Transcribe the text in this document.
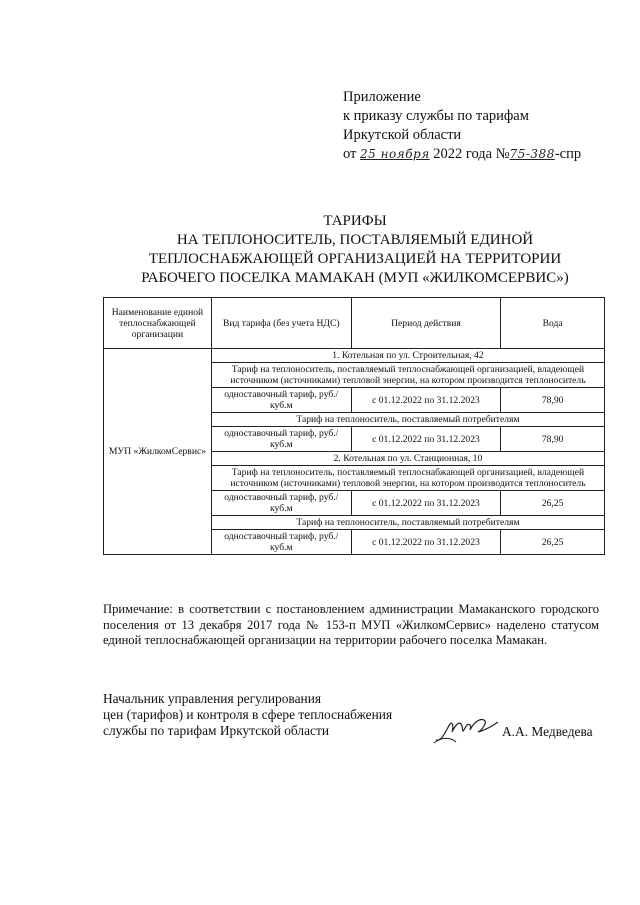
Приложение
к приказу службы по тарифам
Иркутской области
от 25 ноября 2022 года №75-388-спр
ТАРИФЫ
НА ТЕПЛОНОСИТЕЛЬ, ПОСТАВЛЯЕМЫЙ ЕДИНОЙ
ТЕПЛОСНАБЖАЮЩЕЙ ОРГАНИЗАЦИЕЙ НА ТЕРРИТОРИИ
РАБОЧЕГО ПОСЕЛКА МАМАКАН (МУП «ЖИЛКОМСЕРВИС»)
Наименование единой теплоснабжающей организации	Вид тарифа (без учета НДС)	Период действия	Вода
МУП «ЖилкомСервис»	1. Котельная по ул. Строительная, 42		
	Тариф на теплоноситель, поставляемый теплоснабжающей организацией, владеющей источником (источниками) тепловой энергии, на котором производится теплоноситель		
	одноставочный тариф, руб./куб.м	с 01.12.2022 по 31.12.2023	78,90
	Тариф на теплоноситель, поставляемый потребителям		
	одноставочный тариф, руб./куб.м	с 01.12.2022 по 31.12.2023	78,90
	2. Котельная по ул. Станционная, 10		
	Тариф на теплоноситель, поставляемый теплоснабжающей организацией, владеющей источником (источниками) тепловой энергии, на котором производится теплоноситель		
	одноставочный тариф, руб./куб.м	с 01.12.2022 по 31.12.2023	26,25
	Тариф на теплоноситель, поставляемый потребителям		
	одноставочный тариф, руб./куб.м	с 01.12.2022 по 31.12.2023	26,25
Примечание: в соответствии с постановлением администрации Мамаканского городского поселения от 13 декабря 2017 года № 153-п МУП «ЖилкомСервис» наделено статусом единой теплоснабжающей организации на территории рабочего поселка Мамакан.
Начальник управления регулирования
цен (тарифов) и контроля в сфере теплоснабжения
службы по тарифам Иркутской области	А.А. Медведева
